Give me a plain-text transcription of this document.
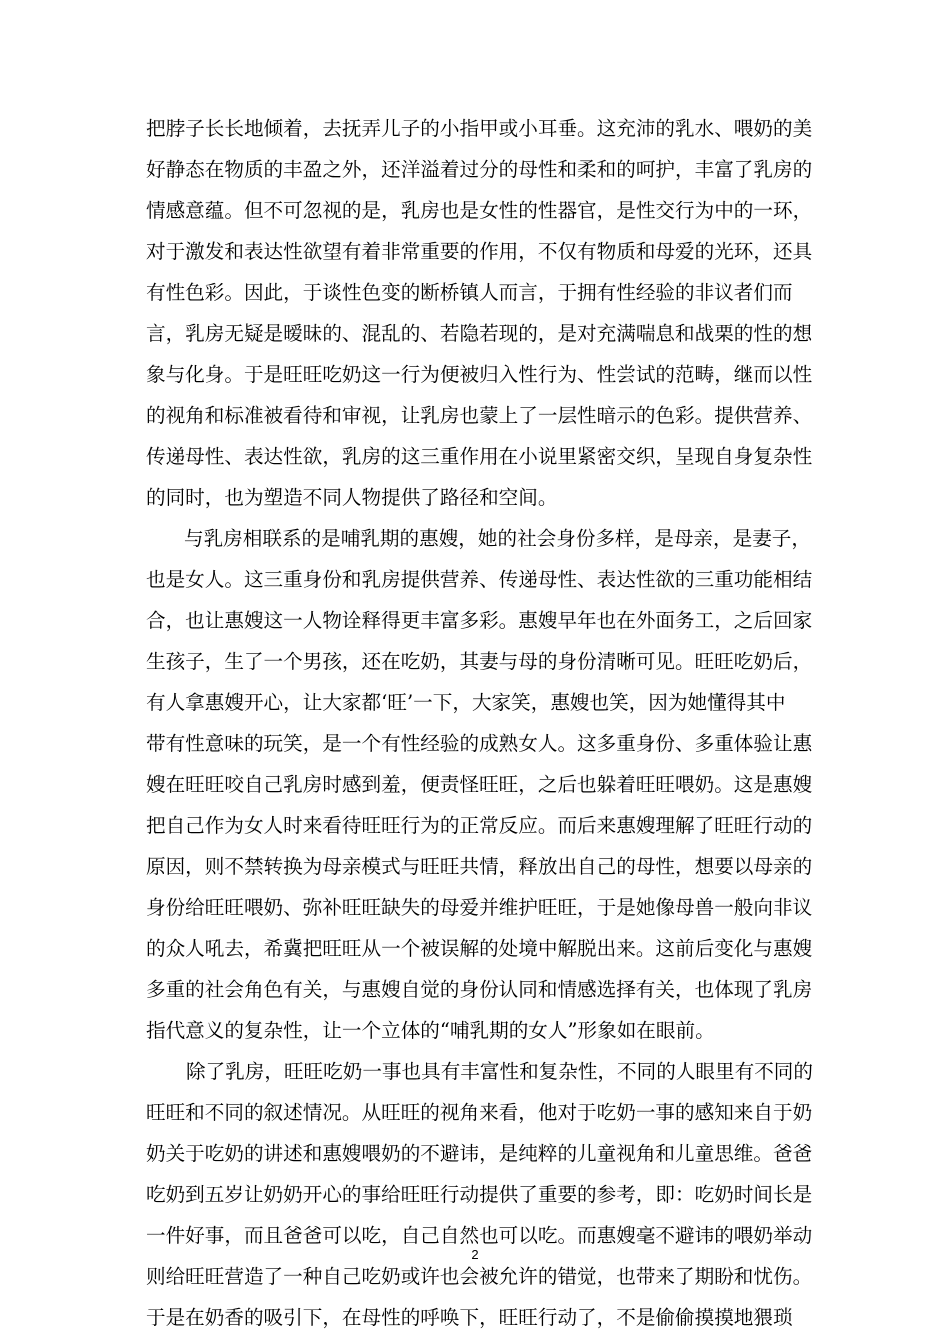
把脖子长长地倾着，去抚弄儿子的小指甲或小耳垂。这充沛的乳水、喂奶的美
好静态在物质的丰盈之外，还洋溢着过分的母性和柔和的呵护，丰富了乳房的
情感意蕴。但不可忽视的是，乳房也是女性的性器官，是性交行为中的一环，
对于激发和表达性欲望有着非常重要的作用，不仅有物质和母爱的光环，还具
有性色彩。因此，于谈性色变的断桥镇人而言，于拥有性经验的非议者们而
言，乳房无疑是暧昧的、混乱的、若隐若现的，是对充满喘息和战栗的性的想
象与化身。于是旺旺吃奶这一行为便被归入性行为、性尝试的范畴，继而以性
的视角和标准被看待和审视，让乳房也蒙上了一层性暗示的色彩。提供营养、
传递母性、表达性欲，乳房的这三重作用在小说里紧密交织，呈现自身复杂性
的同时，也为塑造不同人物提供了路径和空间。
与乳房相联系的是哺乳期的惠嫂，她的社会身份多样，是母亲，是妻子，
也是女人。这三重身份和乳房提供营养、传递母性、表达性欲的三重功能相结
合，也让惠嫂这一人物诠释得更丰富多彩。惠嫂早年也在外面务工，之后回家
生孩子，生了一个男孩，还在吃奶，其妻与母的身份清晰可见。旺旺吃奶后，
有人拿惠嫂开心，让大家都‘旺’一下，大家笑，惠嫂也笑，因为她懂得其中
带有性意味的玩笑，是一个有性经验的成熟女人。这多重身份、多重体验让惠
嫂在旺旺咬自己乳房时感到羞，便责怪旺旺，之后也躲着旺旺喂奶。这是惠嫂
把自己作为女人时来看待旺旺行为的正常反应。而后来惠嫂理解了旺旺行动的
原因，则不禁转换为母亲模式与旺旺共情，释放出自己的母性，想要以母亲的
身份给旺旺喂奶、弥补旺旺缺失的母爱并维护旺旺，于是她像母兽一般向非议
的众人吼去，希冀把旺旺从一个被误解的处境中解脱出来。这前后变化与惠嫂
多重的社会角色有关，与惠嫂自觉的身份认同和情感选择有关，也体现了乳房
指代意义的复杂性，让一个立体的“哺乳期的女人”形象如在眼前。
除了乳房，旺旺吃奶一事也具有丰富性和复杂性，不同的人眼里有不同的
旺旺和不同的叙述情况。从旺旺的视角来看，他对于吃奶一事的感知来自于奶
奶关于吃奶的讲述和惠嫂喂奶的不避讳，是纯粹的儿童视角和儿童思维。爸爸
吃奶到五岁让奶奶开心的事给旺旺行动提供了重要的参考，即：吃奶时间长是
一件好事，而且爸爸可以吃，自己自然也可以吃。而惠嫂毫不避讳的喂奶举动
则给旺旺营造了一种自己吃奶或许也会被允许的错觉，也带来了期盼和忧伤。
于是在奶香的吸引下，在母性的呼唤下，旺旺行动了，不是偷偷摸摸地猥琐
2
